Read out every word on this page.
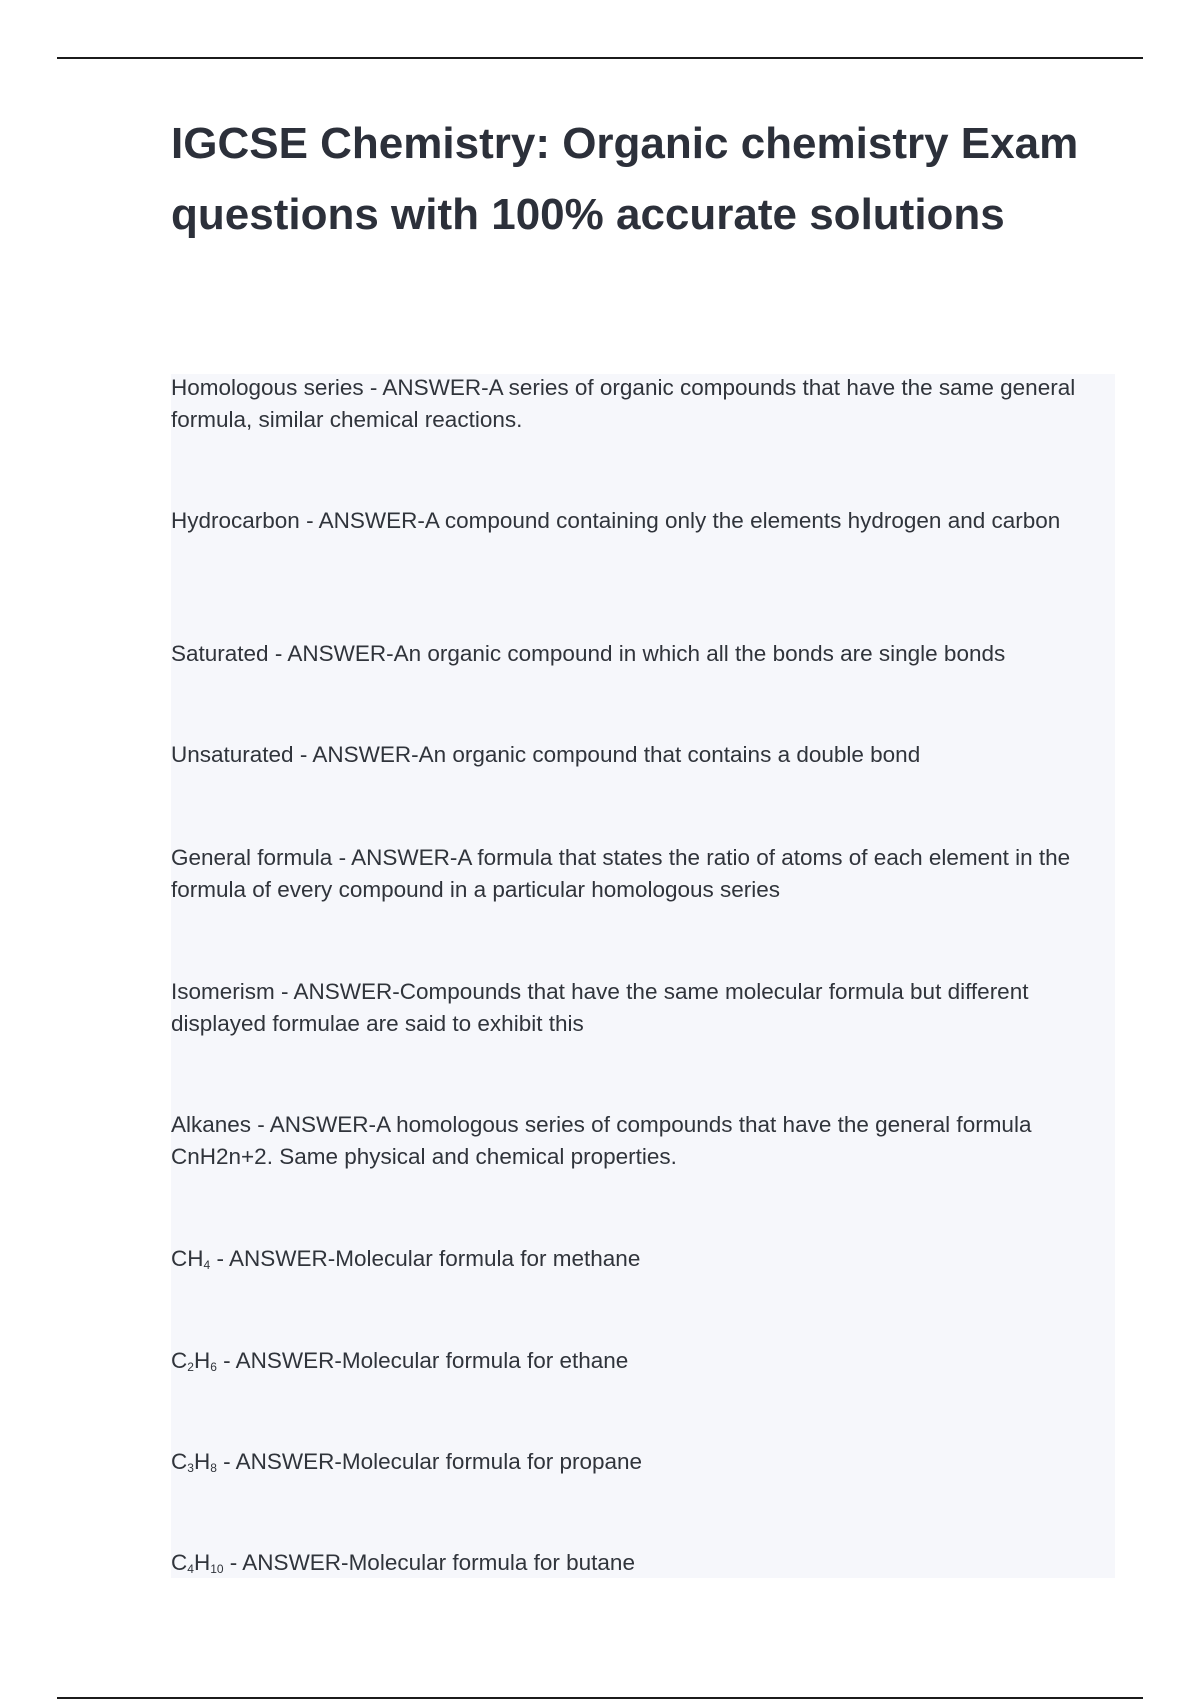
IGCSE Chemistry: Organic chemistry Exam questions with 100% accurate solutions

Homologous series - ANSWER-A series of organic compounds that have the same general formula, similar chemical reactions.

Hydrocarbon - ANSWER-A compound containing only the elements hydrogen and carbon

Saturated - ANSWER-An organic compound in which all the bonds are single bonds

Unsaturated - ANSWER-An organic compound that contains a double bond

General formula - ANSWER-A formula that states the ratio of atoms of each element in the formula of every compound in a particular homologous series

Isomerism - ANSWER-Compounds that have the same molecular formula but different displayed formulae are said to exhibit this

Alkanes - ANSWER-A homologous series of compounds that have the general formula CnH2n+2. Same physical and chemical properties.

$CH_4$ - ANSWER-Molecular formula for methane

$C_2H_6$ - ANSWER-Molecular formula for ethane

$C_3H_8$ - ANSWER-Molecular formula for propane

$C_4H_{10}$ - ANSWER-Molecular formula for butane
